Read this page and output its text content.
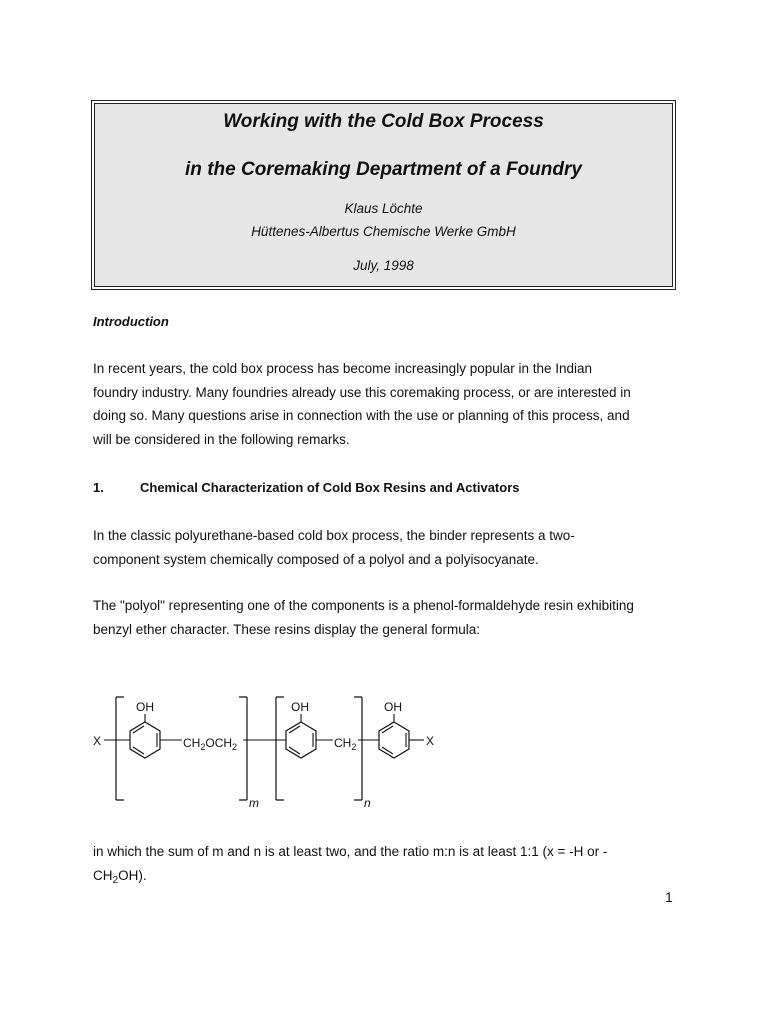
Working with the Cold Box Process
in the Coremaking Department of a Foundry
Klaus Löchte
Hüttenes-Albertus Chemische Werke GmbH
July, 1998
Introduction

In recent years, the cold box process has become increasingly popular in the Indian

foundry industry. Many foundries already use this coremaking process, or are interested in

doing so. Many questions arise in connection with the use or planning of this process, and

will be considered in the following remarks.

1.	Chemical Characterization of Cold Box Resins and Activators

In the classic polyurethane-based cold box process, the binder represents a two-

component system chemically composed of a polyol and a polyisocyanate.

The "polyol" representing one of the components is a phenol-formaldehyde resin exhibiting

benzyl ether character. These resins display the general formula:

OH	OH	OH
X	X
$CH_2OCH_2$	$CH_2$
m	n

in which the sum of m and n is at least two, and the ratio m:n is at least 1:1 (x = -H or -

$CH_2OH$).

1
